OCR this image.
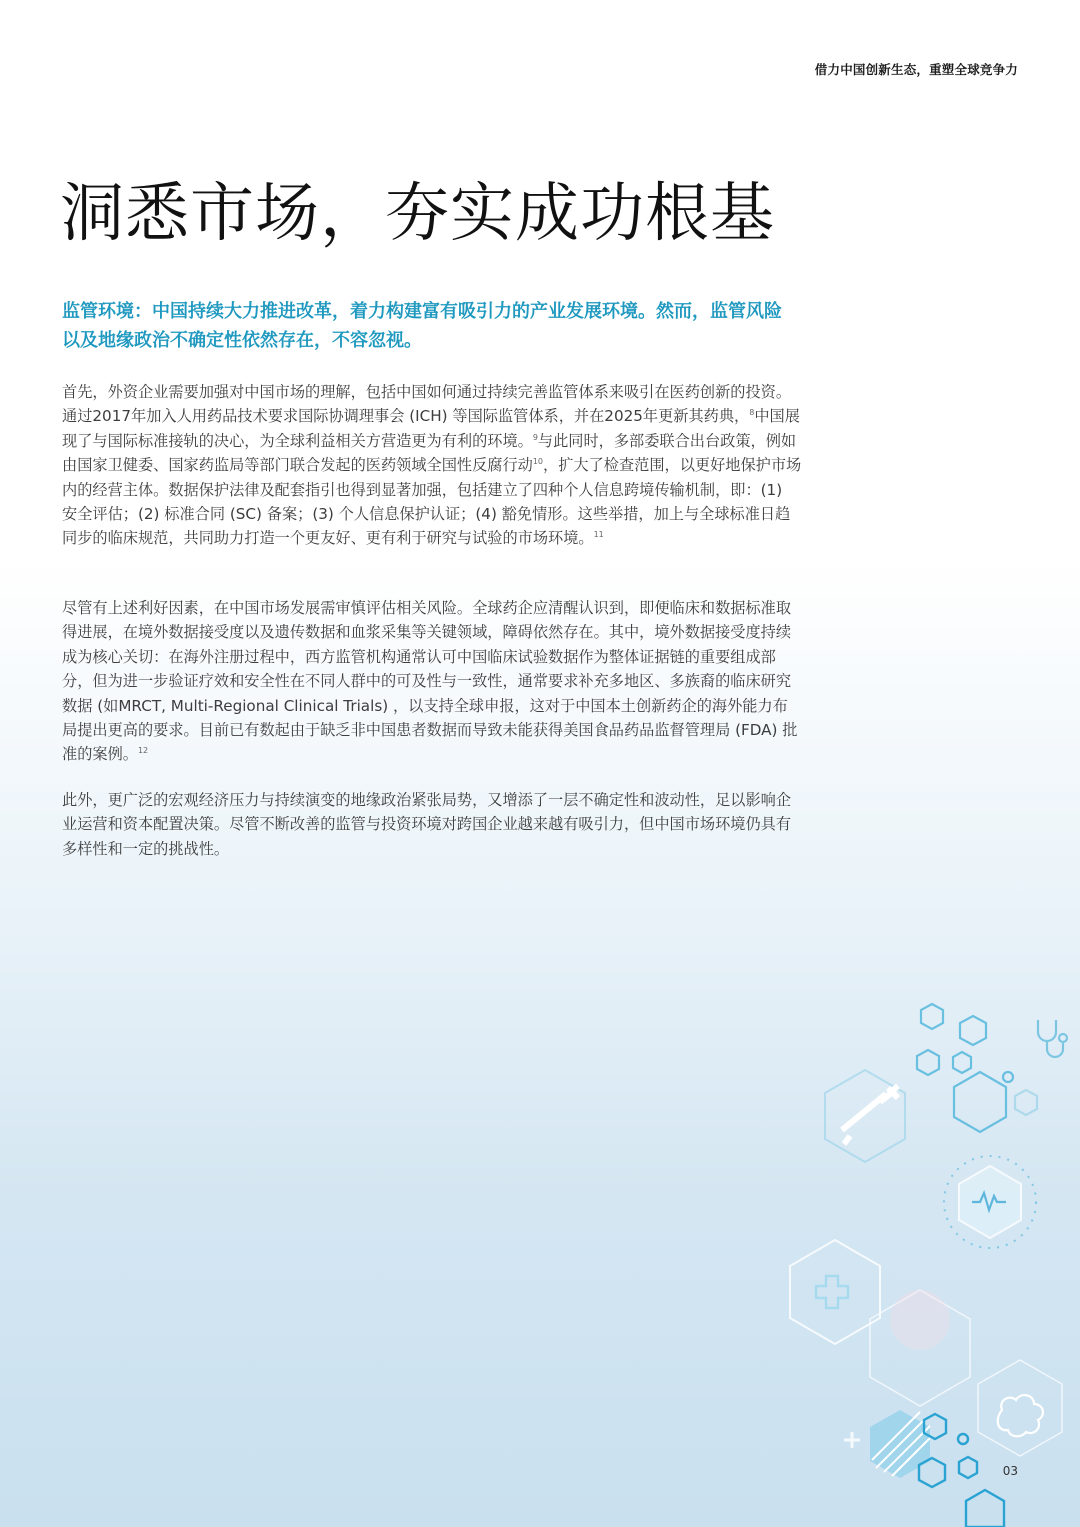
借力中国创新生态，重塑全球竞争力
洞悉市场，夯实成功根基

监管环境：中国持续大力推进改革，着力构建富有吸引力的产业发展环境。然而，监管风险以及地缘政治不确定性依然存在，不容忽视。

首先，外资企业需要加强对中国市场的理解，包括中国如何通过持续完善监管体系来吸引在医药创新的投资。通过2017年加入人用药品技术要求国际协调理事会 (ICH) 等国际监管体系，并在2025年更新其药典，$^8$中国展现了与国际标准接轨的决心，为全球利益相关方营造更为有利的环境。$^9$与此同时，多部委联合出台政策，例如由国家卫健委、国家药监局等部门联合发起的医药领域全国性反腐行动$^{10}$，扩大了检查范围，以更好地保护市场内的经营主体。数据保护法律及配套指引也得到显著加强，包括建立了四种个人信息跨境传输机制，即：(1) 安全评估；(2) 标准合同 (SC) 备案；(3) 个人信息保护认证；(4) 豁免情形。这些举措，加上与全球标准日趋同步的临床规范，共同助力打造一个更友好、更有利于研究与试验的市场环境。$^{11}$

尽管有上述利好因素，在中国市场发展需审慎评估相关风险。全球药企应清醒认识到，即便临床和数据标准取得进展，在境外数据接受度以及遗传数据和血浆采集等关键领域，障碍依然存在。其中，境外数据接受度持续成为核心关切：在海外注册过程中，西方监管机构通常认可中国临床试验数据作为整体证据链的重要组成部分，但为进一步验证疗效和安全性在不同人群中的可及性与一致性，通常要求补充多地区、多族裔的临床研究数据 (如MRCT, Multi-Regional Clinical Trials) ，以支持全球申报，这对于中国本土创新药企的海外能力布局提出更高的要求。目前已有数起由于缺乏非中国患者数据而导致未能获得美国食品药品监督管理局 (FDA) 批准的案例。$^{12}$

此外，更广泛的宏观经济压力与持续演变的地缘政治紧张局势，又增添了一层不确定性和波动性，足以影响企业运营和资本配置决策。尽管不断改善的监管与投资环境对跨国企业越来越有吸引力，但中国市场环境仍具有多样性和一定的挑战性。

03
